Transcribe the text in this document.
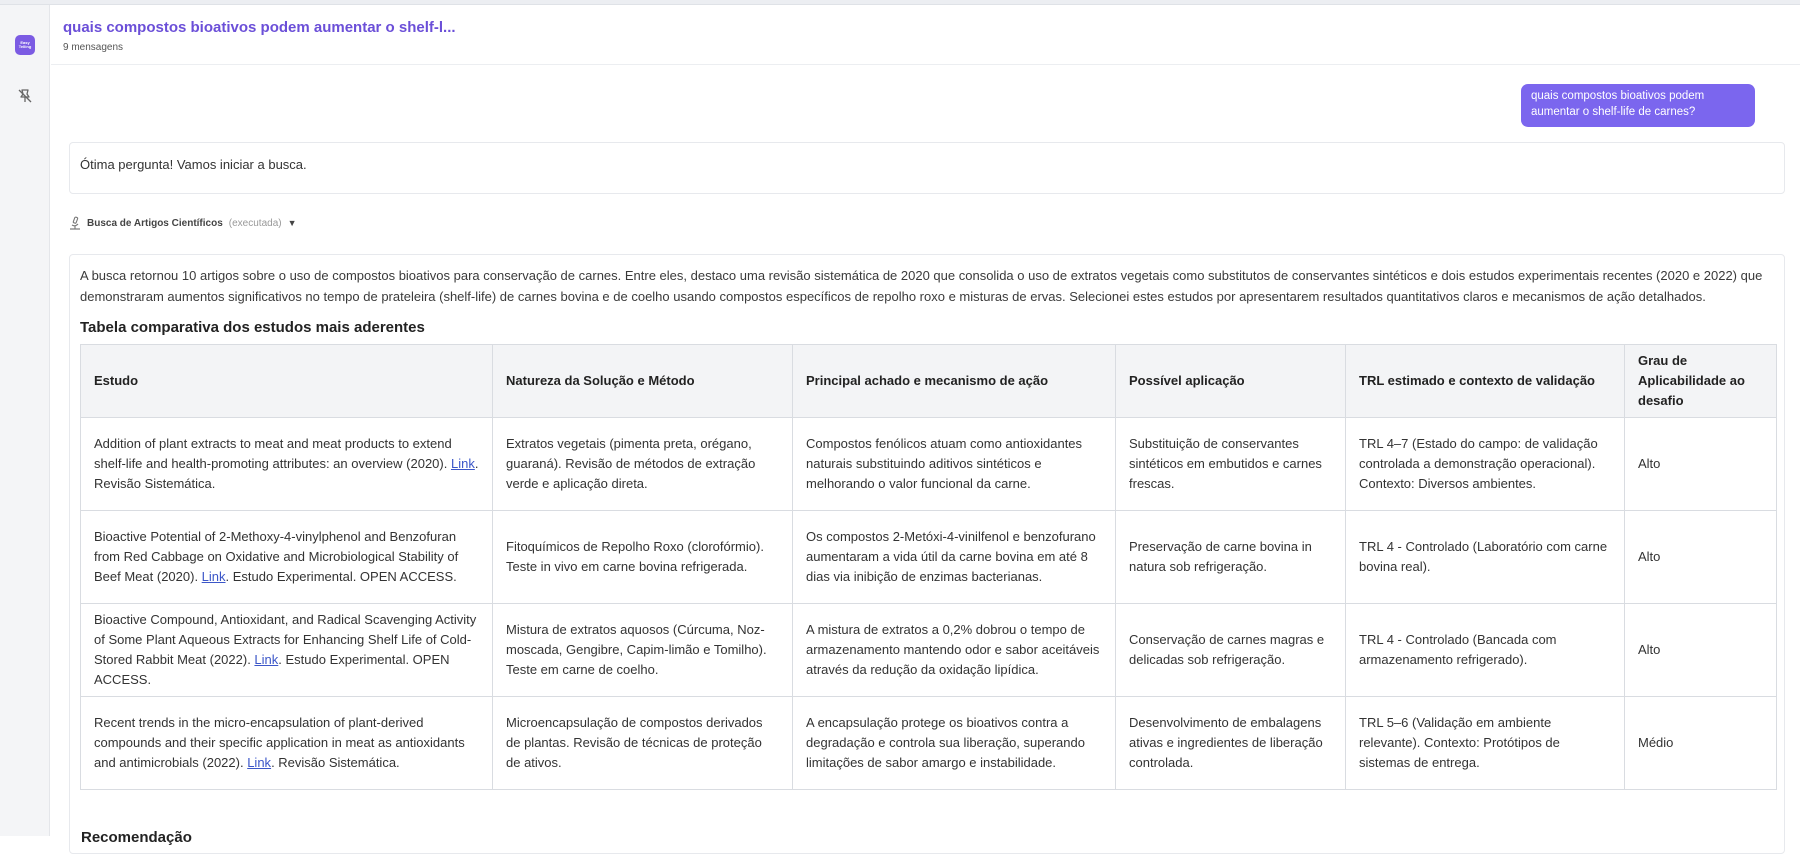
Easy Telling
quais compostos bioativos podem aumentar o shelf-l...
9 mensagens
quais compostos bioativos podem aumentar o shelf-life de carnes?
Ótima pergunta! Vamos iniciar a busca.
Busca de Artigos Científicos (executada) ▼

A busca retornou 10 artigos sobre o uso de compostos bioativos para conservação de carnes. Entre eles, destaco uma revisão sistemática de 2020 que consolida o uso de extratos vegetais como substitutos de conservantes sintéticos e dois estudos experimentais recentes (2020 e 2022) que demonstraram aumentos significativos no tempo de prateleira (shelf-life) de carnes bovina e de coelho usando compostos específicos de repolho roxo e misturas de ervas. Selecionei estes estudos por apresentarem resultados quantitativos claros e mecanismos de ação detalhados.

Tabela comparativa dos estudos mais aderentes
Estudo	Natureza da Solução e Método	Principal achado e mecanismo de ação	Possível aplicação	TRL estimado e contexto de validação	Grau de Aplicabilidade ao desafio
Addition of plant extracts to meat and meat products to extend shelf-life and health-promoting attributes: an overview (2020). Link. Revisão Sistemática.	Extratos vegetais (pimenta preta, orégano, guaraná). Revisão de métodos de extração verde e aplicação direta.	Compostos fenólicos atuam como antioxidantes naturais substituindo aditivos sintéticos e melhorando o valor funcional da carne.	Substituição de conservantes sintéticos em embutidos e carnes frescas.	TRL 4–7 (Estado do campo: de validação controlada a demonstração operacional). Contexto: Diversos ambientes.	Alto
Bioactive Potential of 2-Methoxy-4-vinylphenol and Benzofuran from Red Cabbage on Oxidative and Microbiological Stability of Beef Meat (2020). Link. Estudo Experimental. OPEN ACCESS.	Fitoquímicos de Repolho Roxo (clorofórmio). Teste in vivo em carne bovina refrigerada.	Os compostos 2-Metóxi-4-vinilfenol e benzofurano aumentaram a vida útil da carne bovina em até 8 dias via inibição de enzimas bacterianas.	Preservação de carne bovina in natura sob refrigeração.	TRL 4 - Controlado (Laboratório com carne bovina real).	Alto
Bioactive Compound, Antioxidant, and Radical Scavenging Activity of Some Plant Aqueous Extracts for Enhancing Shelf Life of Cold-Stored Rabbit Meat (2022). Link. Estudo Experimental. OPEN ACCESS.	Mistura de extratos aquosos (Cúrcuma, Noz-moscada, Gengibre, Capim-limão e Tomilho). Teste em carne de coelho.	A mistura de extratos a 0,2% dobrou o tempo de armazenamento mantendo odor e sabor aceitáveis através da redução da oxidação lipídica.	Conservação de carnes magras e delicadas sob refrigeração.	TRL 4 - Controlado (Bancada com armazenamento refrigerado).	Alto
Recent trends in the micro-encapsulation of plant-derived compounds and their specific application in meat as antioxidants and antimicrobials (2022). Link. Revisão Sistemática.	Microencapsulação de compostos derivados de plantas. Revisão de técnicas de proteção de ativos.	A encapsulação protege os bioativos contra a degradação e controla sua liberação, superando limitações de sabor amargo e instabilidade.	Desenvolvimento de embalagens ativas e ingredientes de liberação controlada.	TRL 5–6 (Validação em ambiente relevante). Contexto: Protótipos de sistemas de entrega.	Médio
Recomendação
